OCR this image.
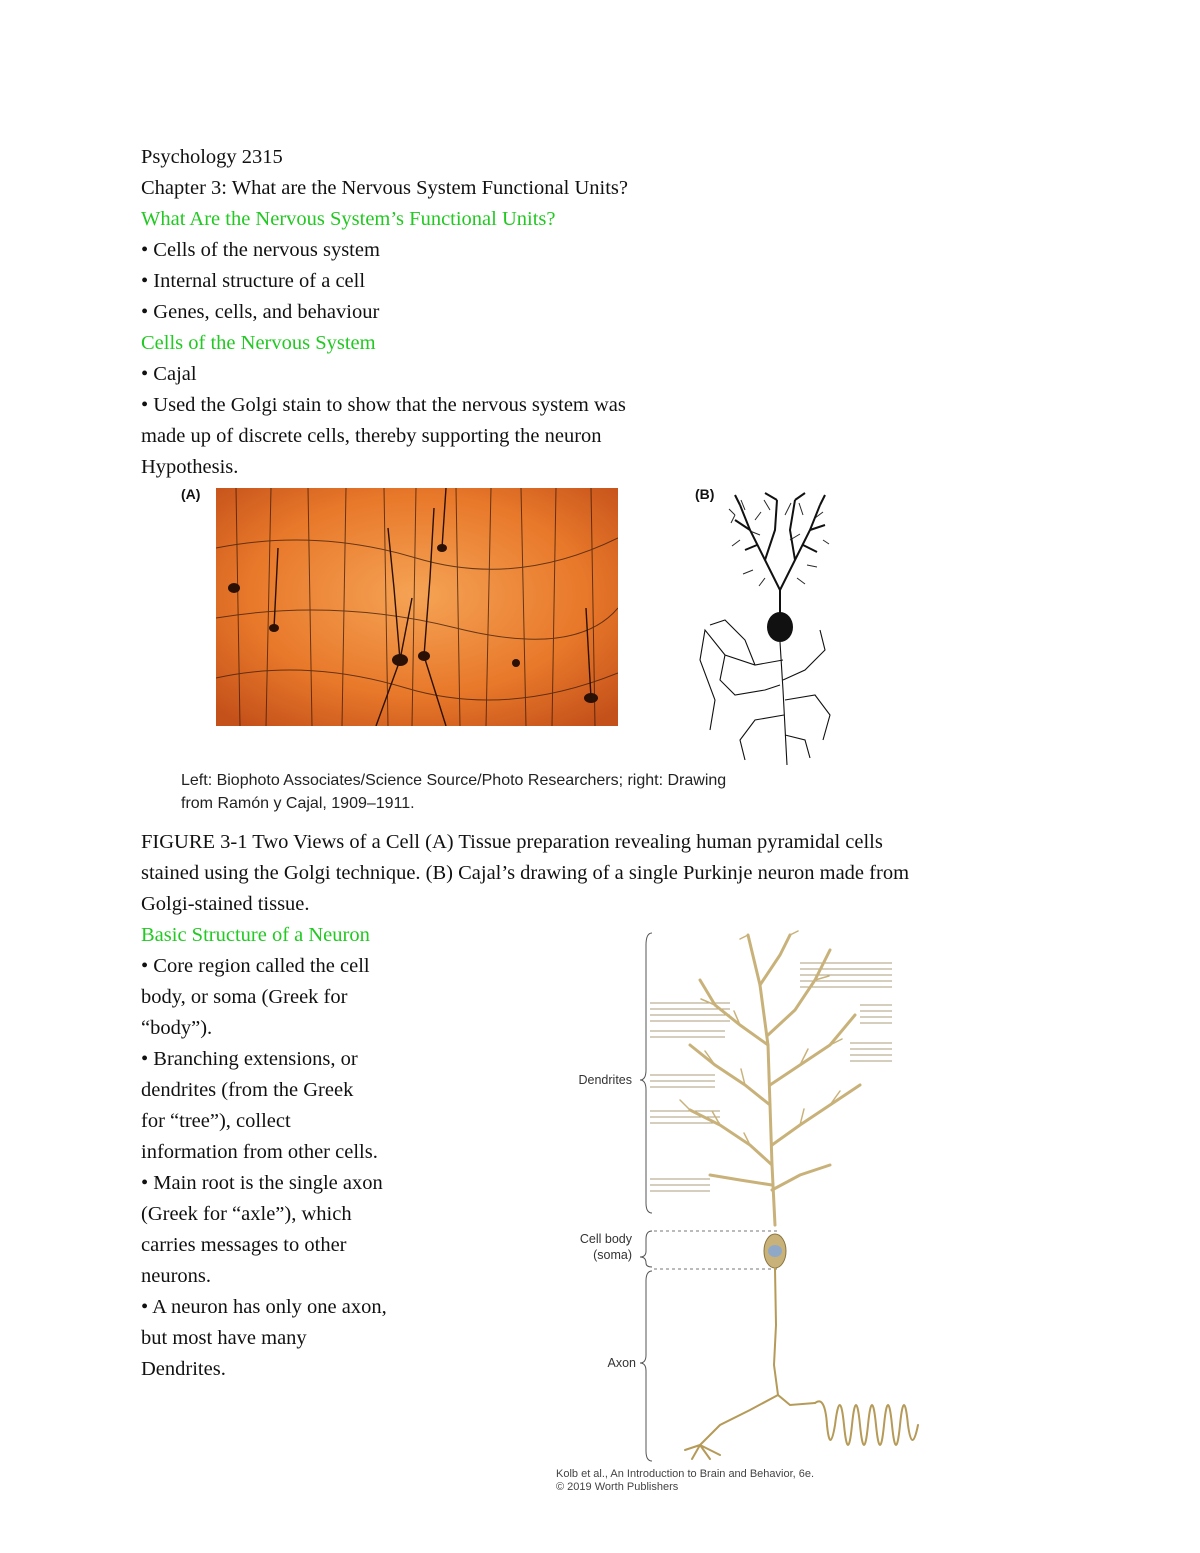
Psychology 2315
Chapter 3: What are the Nervous System Functional Units?
What Are the Nervous System’s Functional Units?
• Cells of the nervous system
• Internal structure of a cell
• Genes, cells, and behaviour
Cells of the Nervous System
• Cajal
• Used the Golgi stain to show that the nervous system was
made up of discrete cells, thereby supporting the neuron
Hypothesis.
(A)	(B)
Left: Biophoto Associates/Science Source/Photo Researchers; right: Drawing
from Ramón y Cajal, 1909–1911.
FIGURE 3-1 Two Views of a Cell (A) Tissue preparation revealing human pyramidal cells
stained using the Golgi technique. (B) Cajal’s drawing of a single Purkinje neuron made from
Golgi-stained tissue.
Basic Structure of a Neuron
• Core region called the cell
body, or soma (Greek for
“body”).
• Branching extensions, or
dendrites (from the Greek
for “tree”), collect
information from other cells.
• Main root is the single axon
(Greek for “axle”), which
carries messages to other
neurons.
• A neuron has only one axon,
but most have many
Dendrites.
Dendrites
Cell body
(soma)
Axon
Kolb et al., An Introduction to Brain and Behavior, 6e.
© 2019 Worth Publishers
